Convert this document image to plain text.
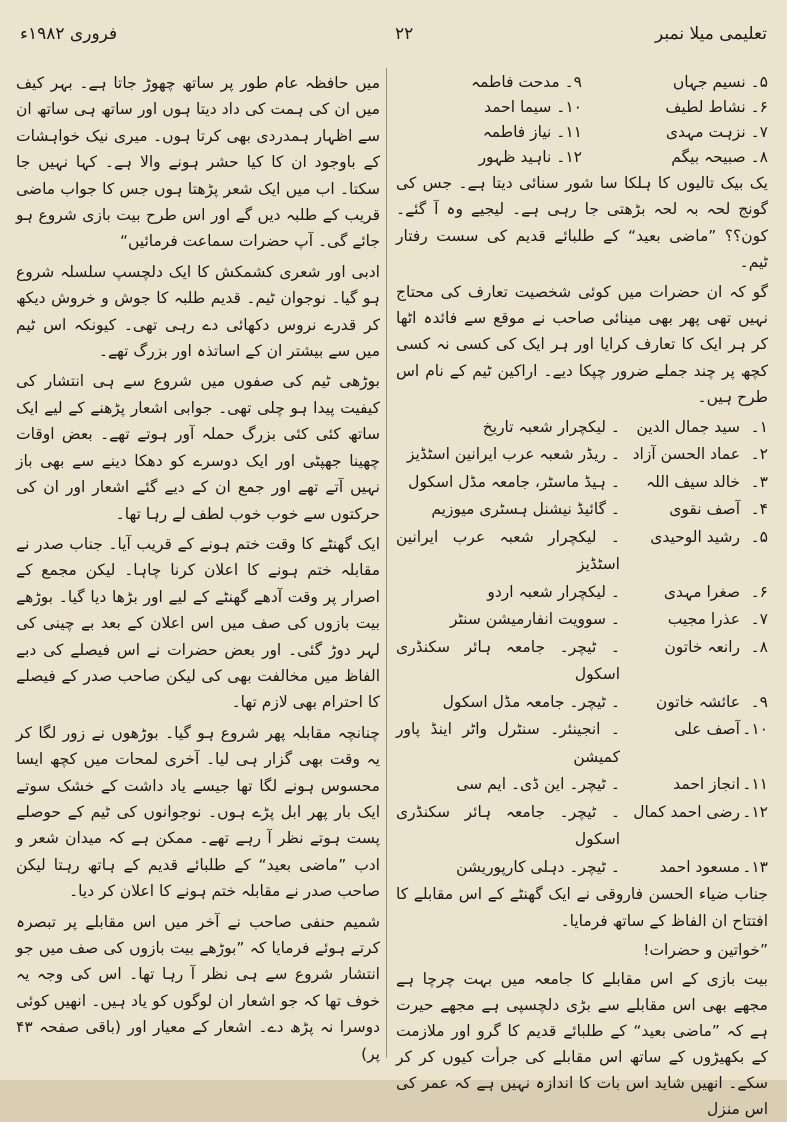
فروری ۱۹۸۲ء	۲۲	تعلیمی میلا نمبر
۵۔ نسیم جہاں
۹۔ مدحت فاطمہ
۶۔ نشاط لطیف
۱۰۔ سیما احمد
۷۔ نزہت مہدی
۱۱۔ نیاز فاطمہ
۸۔ صبیحہ بیگم
۱۲۔ ناہید ظہور

یک بیک تالیوں کا ہلکا سا شور سنائی دیتا ہے۔ جس کی گونج لحہ بہ لحہ بڑھتی جا رہی ہے۔ لیجیے وہ آ گئے۔ کون؟؟ ”ماضی بعید“ کے طلبائے قدیم کی سست رفتار ٹیم۔

گو کہ ان حضرات میں کوئی شخصیت تعارف کی محتاج نہیں تھی پھر بھی مینائی صاحب نے موقع سے فائدہ اٹھا کر ہر ایک کا تعارف کرایا اور ہر ایک کی کسی نہ کسی کچھ پر چند جملے ضرور چپکا دیے۔ اراکین ٹیم کے نام اس طرح ہیں۔

۱۔
سید جمال الدین
۔ لیکچرار شعبہ تاریخ
۲۔
عماد الحسن آزاد
۔ ریڈر شعبہ عرب ایرانین اسٹڈیز
۳۔
خالد سیف اللہ
۔ ہیڈ ماسٹر، جامعہ مڈل اسکول
۴۔
آصف نقوی
۔ گائیڈ نیشنل ہسٹری میوزیم
۵۔
رشید الوحیدی
۔ لیکچرار شعبہ عرب ایرانین اسٹڈیز
۶۔
صغرا مہدی
۔ لیکچرار شعبہ اردو
۷۔
عذرا مجیب
۔ سوویت انفارمیشن سنٹر
۸۔
رانعہ خاتون
۔ ٹیچر۔ جامعہ ہائر سکنڈری اسکول
۹۔
عائشہ خاتون
۔ ٹیچر۔ جامعہ مڈل اسکول
۱۰۔
آصف علی
۔ انجینئر۔ سنٹرل واٹر اینڈ پاور کمیشن
۱۱۔
انجاز احمد
۔ ٹیچر۔ این ڈی۔ ایم سی
۱۲۔
رضی احمد کمال
۔ ٹیچر۔ جامعہ ہائر سکنڈری اسکول
۱۳۔
مسعود احمد
۔ ٹیچر۔ دہلی کارپوریشن

جناب ضیاء الحسن فاروقی نے ایک گھنٹے کے اس مقابلے کا افتتاح ان الفاظ کے ساتھ فرمایا۔

”خواتین و حضرات!

بیت بازی کے اس مقابلے کا جامعہ میں بہت چرچا ہے مجھے بھی اس مقابلے سے بڑی دلچسپی ہے مجھے حیرت ہے کہ ”ماضی بعید“ کے طلبائے قدیم کا گرو اور ملازمت کے بکھیڑوں کے ساتھ اس مقابلے کی جرأت کیوں کر کر سکے۔ انھیں شاید اس بات کا اندازہ نہیں ہے کہ عمر کی اس منزل

میں حافظہ عام طور پر ساتھ چھوڑ جاتا ہے۔ بہر کیف میں ان کی ہمت کی داد دیتا ہوں اور ساتھ ہی ساتھ ان سے اظہار ہمدردی بھی کرتا ہوں۔ میری نیک خواہشات کے باوجود ان کا کیا حشر ہونے والا ہے۔ کہا نہیں جا سکتا۔ اب میں ایک شعر پڑھتا ہوں جس کا جواب ماضی قریب کے طلبہ دیں گے اور اس طرح بیت بازی شروع ہو جائے گی۔ آپ حضرات سماعت فرمائیں“

ادبی اور شعری کشمکش کا ایک دلچسپ سلسلہ شروع ہو گیا۔ نوجوان ٹیم۔ قدیم طلبہ کا جوش و خروش دیکھ کر قدرے نروس دکھائی دے رہی تھی۔ کیونکہ اس ٹیم میں سے بیشتر ان کے اساتذہ اور بزرگ تھے۔

بوڑھی ٹیم کی صفوں میں شروع سے ہی انتشار کی کیفیت پیدا ہو چلی تھی۔ جوابی اشعار پڑھنے کے لیے ایک ساتھ کئی کئی بزرگ حملہ آور ہوتے تھے۔ بعض اوقات چھینا جھپٹی اور ایک دوسرے کو دھکا دینے سے بھی باز نہیں آتے تھے اور جمع ان کے دیے گئے اشعار اور ان کی حرکتوں سے خوب خوب لطف لے رہا تھا۔

ایک گھنٹے کا وقت ختم ہونے کے قریب آیا۔ جناب صدر نے مقابلہ ختم ہونے کا اعلان کرنا چاہا۔ لیکن مجمع کے اصرار پر وقت آدھے گھنٹے کے لیے اور بڑھا دیا گیا۔ بوڑھے بیت بازوں کی صف میں اس اعلان کے بعد بے چینی کی لہر دوڑ گئی۔ اور بعض حضرات نے اس فیصلے کی دبے الفاظ میں مخالفت بھی کی لیکن صاحب صدر کے فیصلے کا احترام بھی لازم تھا۔

چنانچہ مقابلہ پھر شروع ہو گیا۔ بوڑھوں نے زور لگا کر یہ وقت بھی گزار ہی لیا۔ آخری لمحات میں کچھ ایسا محسوس ہونے لگا تھا جیسے یاد داشت کے خشک سوتے ایک بار پھر ابل پڑے ہوں۔ نوجوانوں کی ٹیم کے حوصلے پست ہوتے نظر آ رہے تھے۔ ممکن ہے کہ میدان شعر و ادب ”ماضی بعید“ کے طلبائے قدیم کے ہاتھ رہتا لیکن صاحب صدر نے مقابلہ ختم ہونے کا اعلان کر دیا۔

شمیم حنفی صاحب نے آخر میں اس مقابلے پر تبصرہ کرتے ہوئے فرمایا کہ ”بوڑھے بیت بازوں کی صف میں جو انتشار شروع سے ہی نظر آ رہا تھا۔ اس کی وجہ یہ خوف تھا کہ جو اشعار ان لوگوں کو یاد ہیں۔ انھیں کوئی دوسرا نہ پڑھ دے۔ اشعار کے معیار اور (باقی صفحہ ۴۳ پر)
